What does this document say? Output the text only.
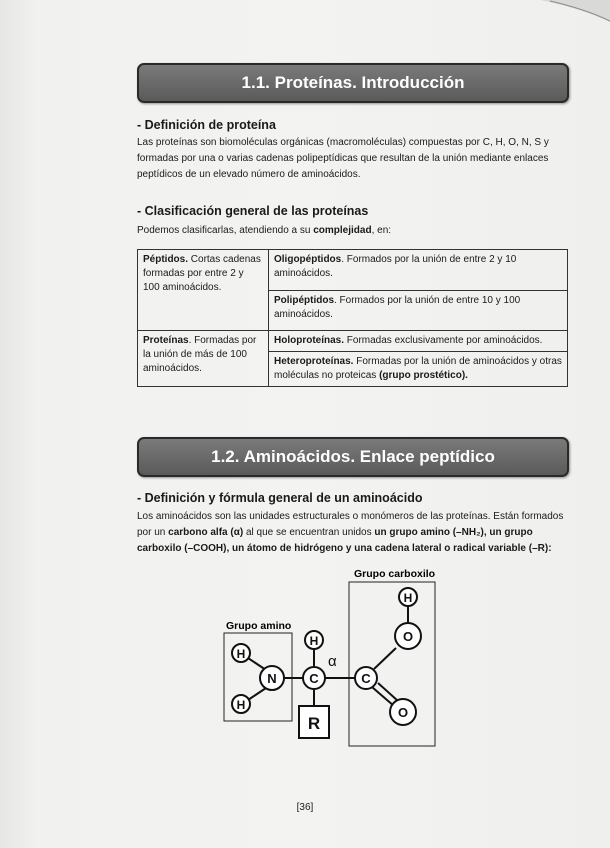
1.1. Proteínas. Introducción
- Definición de proteína
Las proteínas son biomoléculas orgánicas (macromoléculas) compuestas por C, H, O, N, S y formadas por una o varias cadenas polipeptídicas que resultan de la unión mediante enlaces peptídicos de un elevado número de aminoácidos.
- Clasificación general de las proteínas
Podemos clasificarlas, atendiendo a su complejidad, en:
Péptidos. Cortas cadenas formadas por entre 2 y 100 aminoácidos.	Oligopéptidos. Formados por la unión de entre 2 y 10 aminoácidos.
	Polipéptidos. Formados por la unión de entre 10 y 100 aminoácidos.
Proteínas. Formadas por la unión de más de 100 aminoácidos.	Holoproteínas. Formadas exclusivamente por aminoácidos.
	Heteroproteínas. Formadas por la unión de aminoácidos y otras moléculas no proteicas (grupo prostético).
1.2. Aminoácidos. Enlace peptídico
- Definición y fórmula general de un aminoácido
Los aminoácidos son las unidades estructurales o monómeros de las proteínas. Están formados por un carbono alfa (α) al que se encuentran unidos un grupo amino (–NH₂), un grupo carboxilo (–COOH), un átomo de hidrógeno y una cadena lateral o radical variable (–R):
Grupo carboxilo
Grupo amino
H
H
N
H
C	C
H
O
O
α
R
[36]
